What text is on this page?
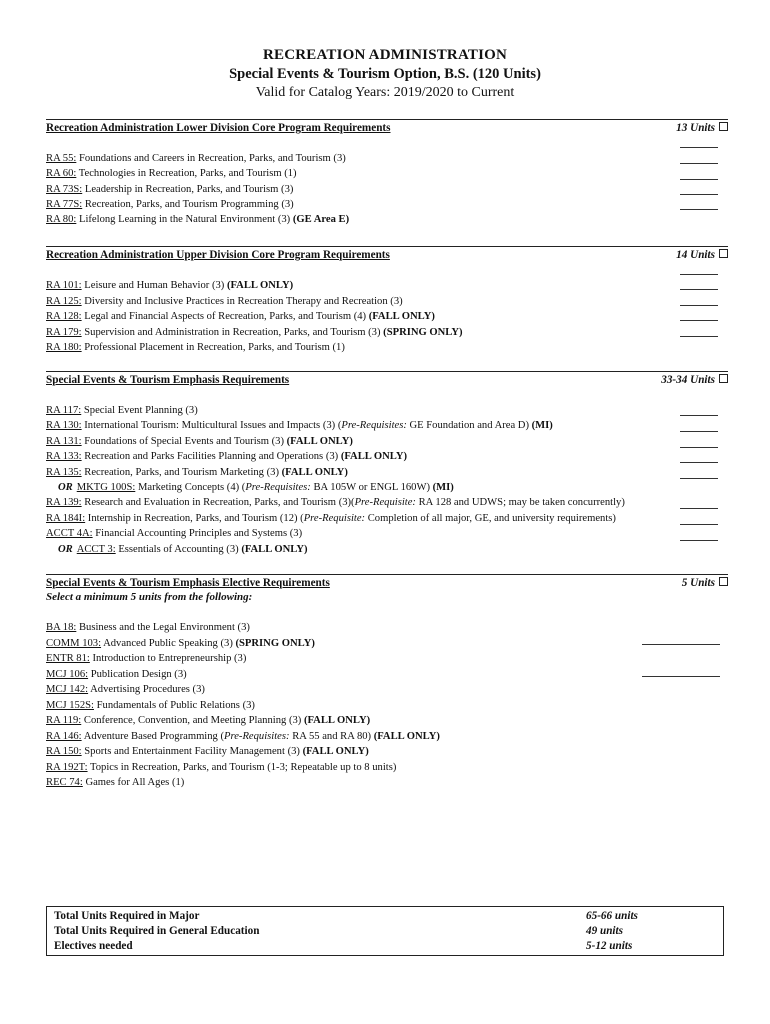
RECREATION ADMINISTRATION
Special Events & Tourism Option, B.S. (120 Units)
Valid for Catalog Years: 2019/2020 to Current
Recreation Administration Lower Division Core Program Requirements	13 Units
RA 55: Foundations and Careers in Recreation, Parks, and Tourism (3)
RA 60: Technologies in Recreation, Parks, and Tourism (1)
RA 73S: Leadership in Recreation, Parks, and Tourism (3)
RA 77S: Recreation, Parks, and Tourism Programming (3)
RA 80: Lifelong Learning in the Natural Environment (3) (GE Area E)
Recreation Administration Upper Division Core Program Requirements	14 Units
RA 101: Leisure and Human Behavior (3) (FALL ONLY)
RA 125: Diversity and Inclusive Practices in Recreation Therapy and Recreation (3)
RA 128: Legal and Financial Aspects of Recreation, Parks, and Tourism (4) (FALL ONLY)
RA 179: Supervision and Administration in Recreation, Parks, and Tourism (3) (SPRING ONLY)
RA 180: Professional Placement in Recreation, Parks, and Tourism (1)
Special Events & Tourism Emphasis Requirements	33-34 Units
RA 117: Special Event Planning (3)
RA 130: International Tourism: Multicultural Issues and Impacts (3) (Pre-Requisites: GE Foundation and Area D) (MI)
RA 131: Foundations of Special Events and Tourism (3) (FALL ONLY)
RA 133: Recreation and Parks Facilities Planning and Operations (3) (FALL ONLY)
RA 135: Recreation, Parks, and Tourism Marketing (3) (FALL ONLY)
OR MKTG 100S: Marketing Concepts (4) (Pre-Requisites: BA 105W or ENGL 160W) (MI)
RA 139: Research and Evaluation in Recreation, Parks, and Tourism (3)(Pre-Requisite: RA 128 and UDWS; may be taken concurrently)
RA 184I: Internship in Recreation, Parks, and Tourism (12) (Pre-Requisite: Completion of all major, GE, and university requirements)
ACCT 4A: Financial Accounting Principles and Systems (3)
OR ACCT 3: Essentials of Accounting (3) (FALL ONLY)
Special Events & Tourism Emphasis Elective Requirements	5 Units
Select a minimum 5 units from the following:
BA 18: Business and the Legal Environment (3)
COMM 103: Advanced Public Speaking (3) (SPRING ONLY)
ENTR 81: Introduction to Entrepreneurship (3)
MCJ 106: Publication Design (3)
MCJ 142: Advertising Procedures (3)
MCJ 152S: Fundamentals of Public Relations (3)
RA 119: Conference, Convention, and Meeting Planning (3) (FALL ONLY)
RA 146: Adventure Based Programming (Pre-Requisites: RA 55 and RA 80) (FALL ONLY)
RA 150: Sports and Entertainment Facility Management (3) (FALL ONLY)
RA 192T: Topics in Recreation, Parks, and Tourism (1-3; Repeatable up to 8 units)
REC 74: Games for All Ages (1)
Total Units Required in Major	65-66 units
Total Units Required in General Education	49 units
Electives needed	5-12 units
